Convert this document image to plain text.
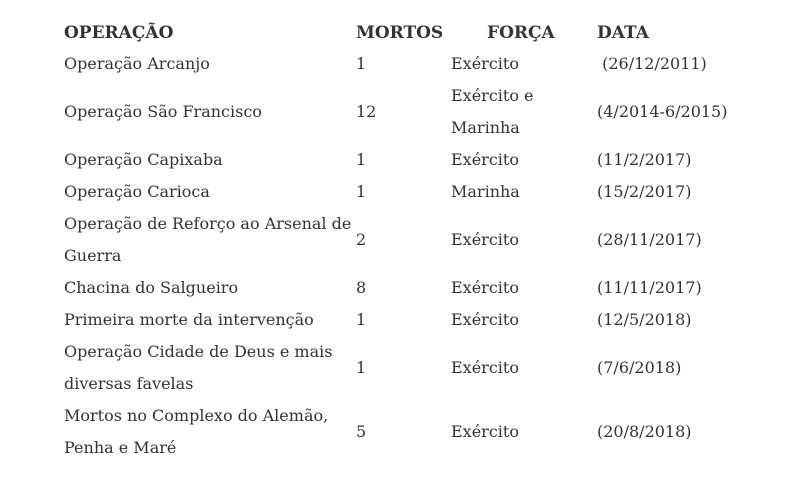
OPERAÇÃO	MORTOS	FORÇA	DATA
Operação Arcanjo	1	Exército	(26/12/2011)
Operação São Francisco	12	Exército e Marinha	(4/2014-6/2015)
Operação Capixaba	1	Exército	(11/2/2017)
Operação Carioca	1	Marinha	(15/2/2017)
Operação de Reforço ao Arsenal de Guerra	2	Exército	(28/11/2017)
Chacina do Salgueiro	8	Exército	(11/11/2017)
Primeira morte da intervenção	1	Exército	(12/5/2018)
Operação Cidade de Deus e mais diversas favelas	1	Exército	(7/6/2018)
Mortos no Complexo do Alemão, Penha e Maré	5	Exército	(20/8/2018)
